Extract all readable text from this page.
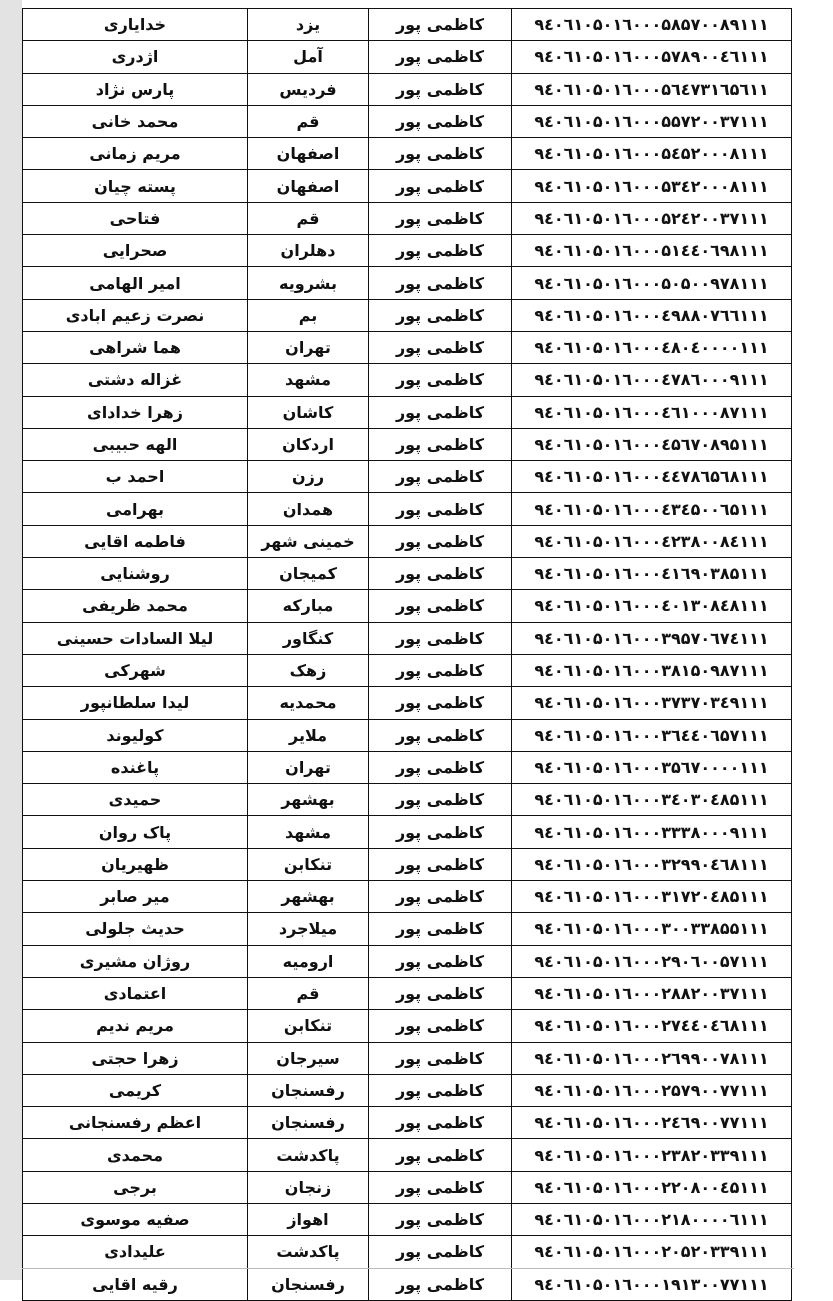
۹٤۰٦۱۰۵۰۱٦۰۰۰۵۸۵۷۰۰۸۹۱۱۱	کاظمی پور	یزد	خدایاری
۹٤۰٦۱۰۵۰۱٦۰۰۰۵۷۸۹۰۰٤٦۱۱۱	کاظمی پور	آمل	اژدری
۹٤۰٦۱۰۵۰۱٦۰۰۰۵٦٤۷۳۱٦۵٦۱۱	کاظمی پور	فردیس	پارس نژاد
۹٤۰٦۱۰۵۰۱٦۰۰۰۵۵۷۲۰۰۳۷۱۱۱	کاظمی پور	قم	محمد خانی
۹٤۰٦۱۰۵۰۱٦۰۰۰۵٤۵۲۰۰۰۸۱۱۱	کاظمی پور	اصفهان	مریم زمانی
۹٤۰٦۱۰۵۰۱٦۰۰۰۵۳٤۲۰۰۰۸۱۱۱	کاظمی پور	اصفهان	پسته چیان
۹٤۰٦۱۰۵۰۱٦۰۰۰۵۲٤۲۰۰۳۷۱۱۱	کاظمی پور	قم	فتاحی
۹٤۰٦۱۰۵۰۱٦۰۰۰۵۱٤٤۰٦۹۸۱۱۱	کاظمی پور	دهلران	صحرایی
۹٤۰٦۱۰۵۰۱٦۰۰۰۵۰۵۰۰۹۷۸۱۱۱	کاظمی پور	بشرویه	امیر الهامی
۹٤۰٦۱۰۵۰۱٦۰۰۰٤۹۸۸۰۷٦٦۱۱۱	کاظمی پور	بم	نصرت زعیم ابادی
۹٤۰٦۱۰۵۰۱٦۰۰۰٤۸۰٤۰۰۰۰۱۱۱	کاظمی پور	تهران	هما شراهی
۹٤۰٦۱۰۵۰۱٦۰۰۰٤۷۸٦۰۰۰۹۱۱۱	کاظمی پور	مشهد	غزاله دشتی
۹٤۰٦۱۰۵۰۱٦۰۰۰٤٦۱۰۰۰۸۷۱۱۱	کاظمی پور	کاشان	زهرا خدادای
۹٤۰٦۱۰۵۰۱٦۰۰۰٤۵٦۷۰۸۹۵۱۱۱	کاظمی پور	اردکان	الهه حبیبی
۹٤۰٦۱۰۵۰۱٦۰۰۰٤٤۷۸٦۵٦۸۱۱۱	کاظمی پور	رزن	احمد ب
۹٤۰٦۱۰۵۰۱٦۰۰۰٤۳٤۵۰۰٦۵۱۱۱	کاظمی پور	همدان	بهرامی
۹٤۰٦۱۰۵۰۱٦۰۰۰٤۲۳۸۰۰۸٤۱۱۱	کاظمی پور	خمینی شهر	فاطمه اقایی
۹٤۰٦۱۰۵۰۱٦۰۰۰٤۱٦۹۰۳۸۵۱۱۱	کاظمی پور	کمیجان	روشنایی
۹٤۰٦۱۰۵۰۱٦۰۰۰٤۰۱۳۰۸٤۸۱۱۱	کاظمی پور	مبارکه	محمد ظریفی
۹٤۰٦۱۰۵۰۱٦۰۰۰۳۹۵۷۰٦۷٤۱۱۱	کاظمی پور	کنگاور	لیلا السادات حسینی
۹٤۰٦۱۰۵۰۱٦۰۰۰۳۸۱۵۰۹۸۷۱۱۱	کاظمی پور	زهک	شهرکی
۹٤۰٦۱۰۵۰۱٦۰۰۰۳۷۳۷۰۳٤۹۱۱۱	کاظمی پور	محمدیه	لیدا سلطانپور
۹٤۰٦۱۰۵۰۱٦۰۰۰۳٦٤٤۰٦۵۷۱۱۱	کاظمی پور	ملایر	کولیوند
۹٤۰٦۱۰۵۰۱٦۰۰۰۳۵٦۷۰۰۰۰۱۱۱	کاظمی پور	تهران	پاغنده
۹٤۰٦۱۰۵۰۱٦۰۰۰۳٤۰۳۰٤۸۵۱۱۱	کاظمی پور	بهشهر	حمیدی
۹٤۰٦۱۰۵۰۱٦۰۰۰۳۳۳۸۰۰۰۹۱۱۱	کاظمی پور	مشهد	پاک روان
۹٤۰٦۱۰۵۰۱٦۰۰۰۳۲۹۹۰٤٦۸۱۱۱	کاظمی پور	تنکابن	ظهیریان
۹٤۰٦۱۰۵۰۱٦۰۰۰۳۱۷۲۰٤۸۵۱۱۱	کاظمی پور	بهشهر	میر صابر
۹٤۰٦۱۰۵۰۱٦۰۰۰۳۰۰۳۳۸۵۵۱۱۱	کاظمی پور	میلاجرد	حدیث جلولی
۹٤۰٦۱۰۵۰۱٦۰۰۰۲۹۰٦۰۰۵۷۱۱۱	کاظمی پور	ارومیه	روژان مشیری
۹٤۰٦۱۰۵۰۱٦۰۰۰۲۸۸۲۰۰۳۷۱۱۱	کاظمی پور	قم	اعتمادی
۹٤۰٦۱۰۵۰۱٦۰۰۰۲۷٤٤۰٤٦۸۱۱۱	کاظمی پور	تنکابن	مریم ندیم
۹٤۰٦۱۰۵۰۱٦۰۰۰۲٦۹۹۰۰۷۸۱۱۱	کاظمی پور	سیرجان	زهرا حجتی
۹٤۰٦۱۰۵۰۱٦۰۰۰۲۵۷۹۰۰۷۷۱۱۱	کاظمی پور	رفسنجان	کریمی
۹٤۰٦۱۰۵۰۱٦۰۰۰۲٤٦۹۰۰۷۷۱۱۱	کاظمی پور	رفسنجان	اعظم رفسنجانی
۹٤۰٦۱۰۵۰۱٦۰۰۰۲۳۸۲۰۳۳۹۱۱۱	کاظمی پور	پاکدشت	محمدی
۹٤۰٦۱۰۵۰۱٦۰۰۰۲۲۰۸۰۰٤۵۱۱۱	کاظمی پور	زنجان	برجی
۹٤۰٦۱۰۵۰۱٦۰۰۰۲۱۸۰۰۰۰٦۱۱۱	کاظمی پور	اهواز	صفیه موسوی
۹٤۰٦۱۰۵۰۱٦۰۰۰۲۰۵۲۰۳۳۹۱۱۱	کاظمی پور	پاکدشت	علیدادی
۹٤۰٦۱۰۵۰۱٦۰۰۰۱۹۱۳۰۰۷۷۱۱۱	کاظمی پور	رفسنجان	رقیه اقایی
